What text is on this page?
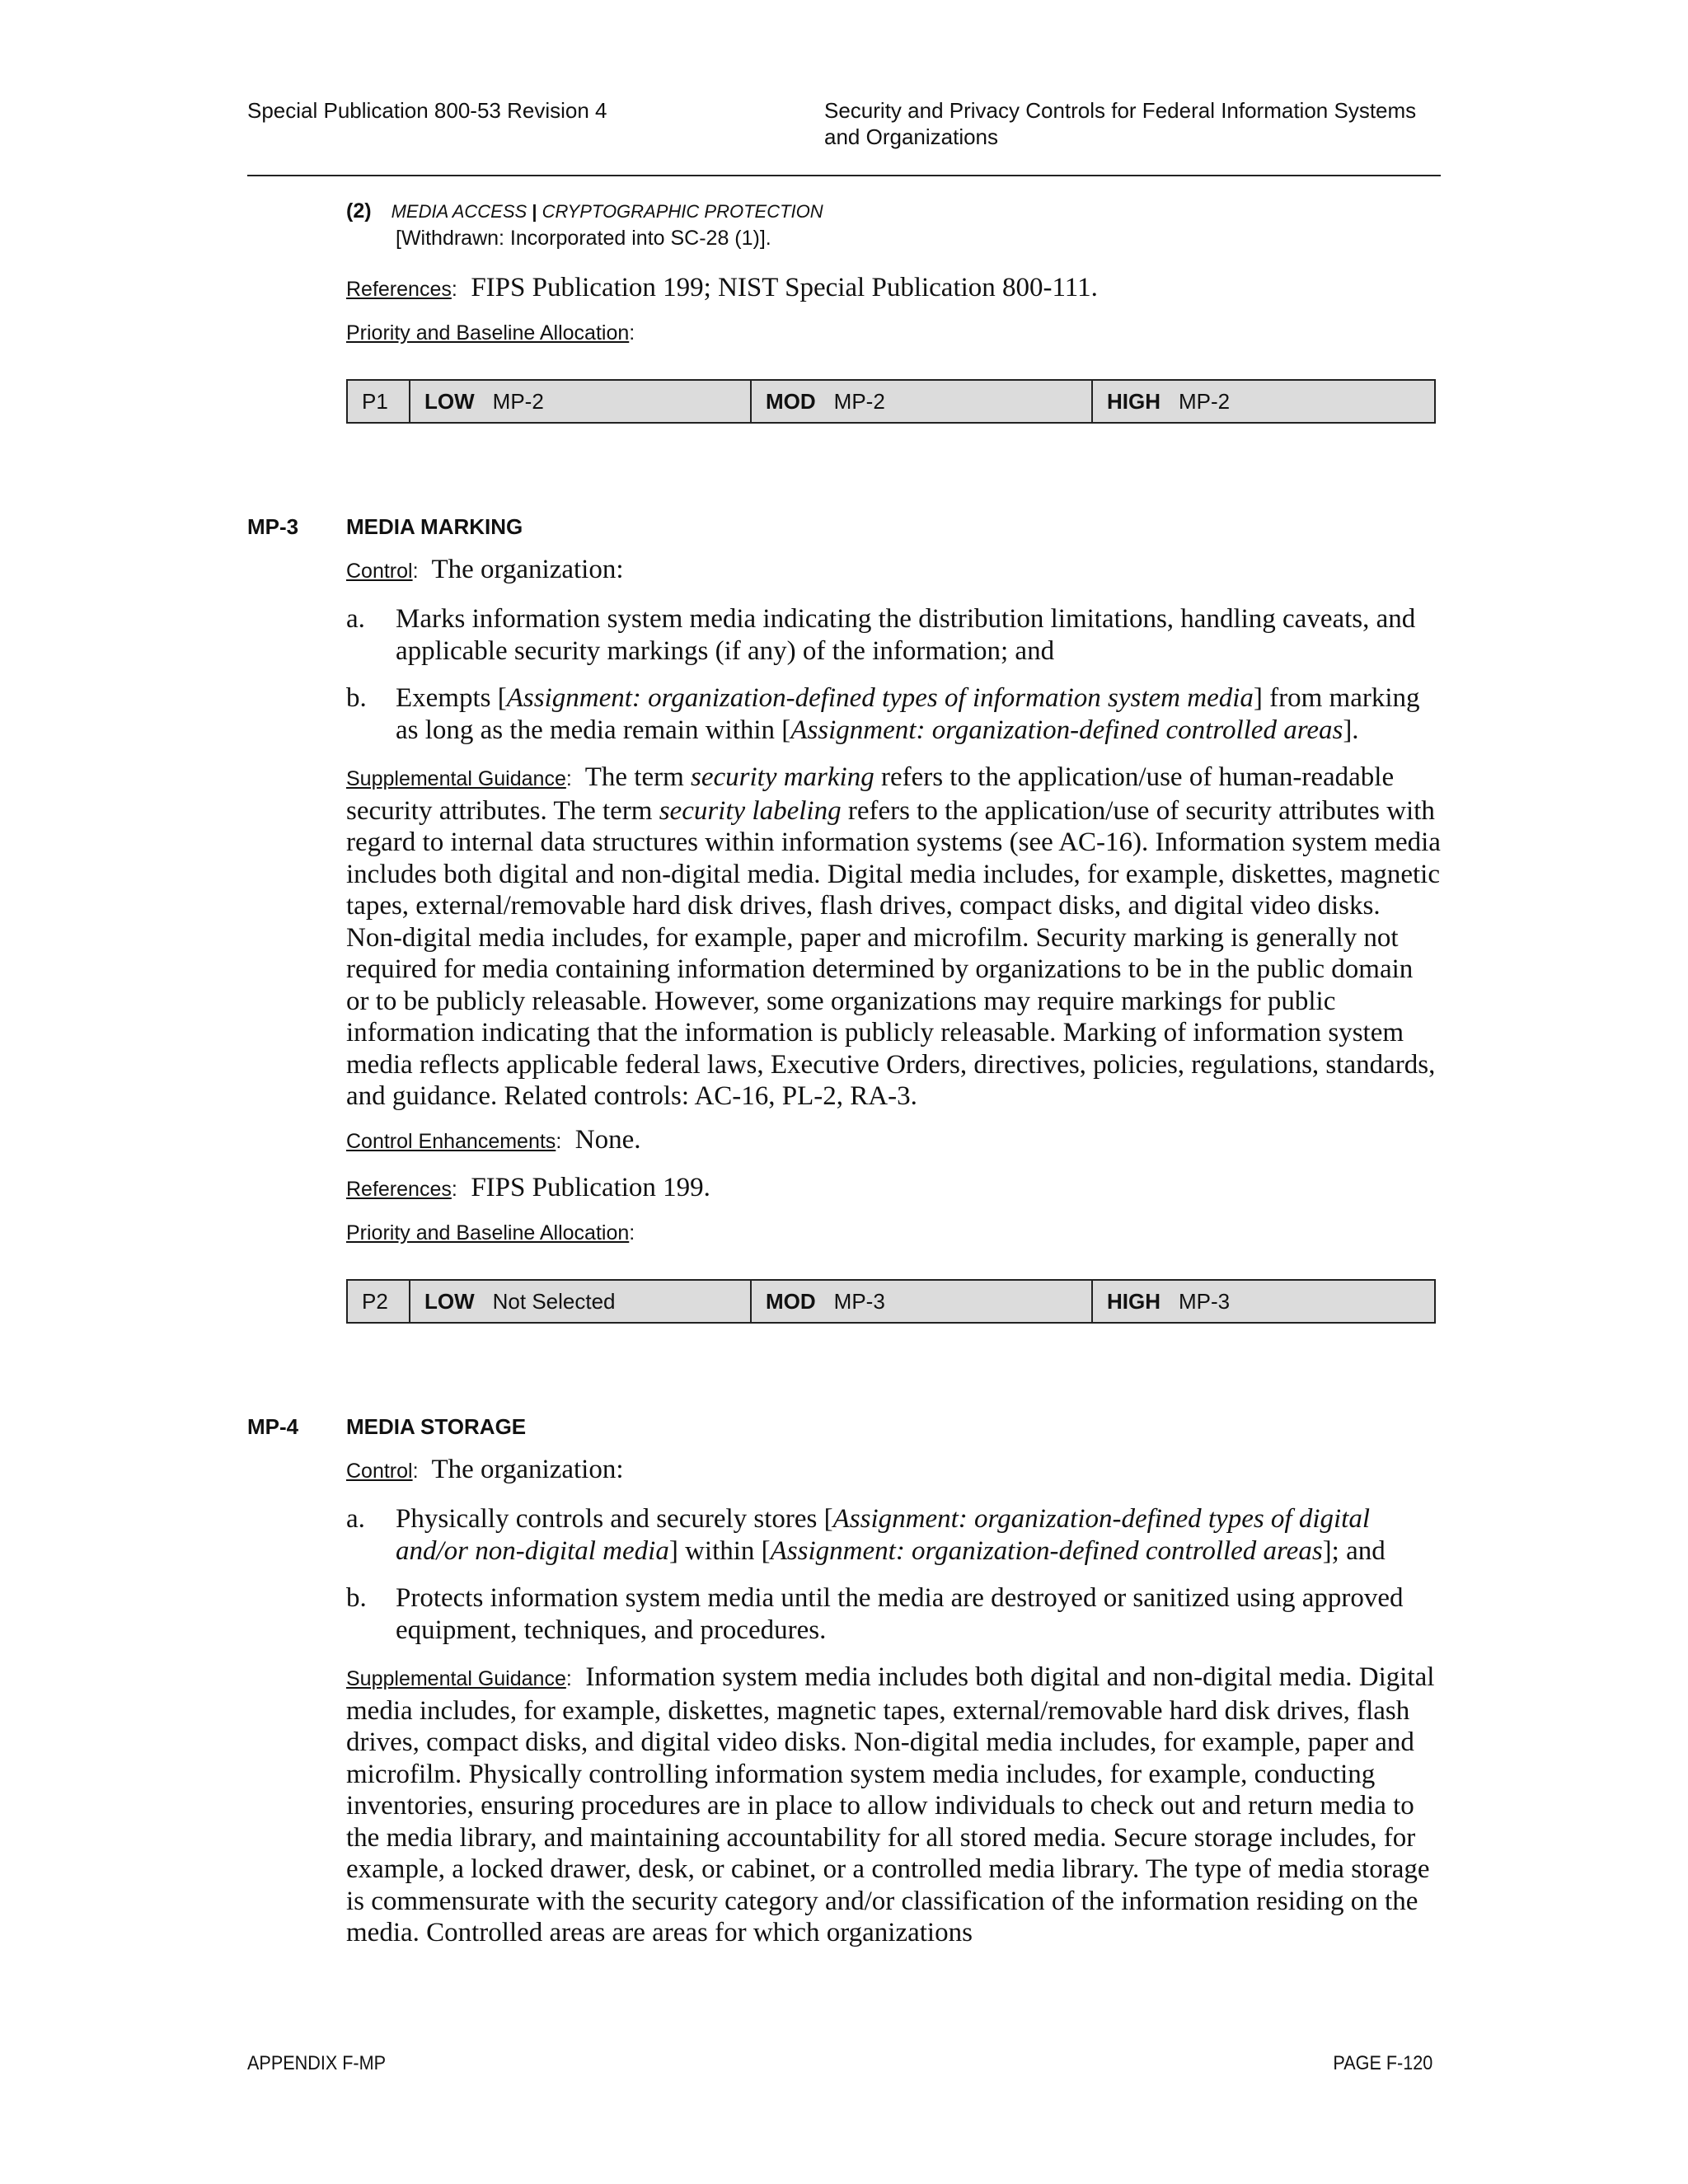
Special Publication 800-53 Revision 4	Security and Privacy Controls for Federal Information Systems
and Organizations
(2) MEDIA ACCESS | CRYPTOGRAPHIC PROTECTION
[Withdrawn: Incorporated into SC-28 (1)].
References: FIPS Publication 199; NIST Special Publication 800-111.
Priority and Baseline Allocation:
P1	LOW MP-2	MOD MP-2	HIGH MP-2
MP-3 MEDIA MARKING
Control: The organization:
a. Marks information system media indicating the distribution limitations, handling caveats, and applicable security markings (if any) of the information; and
b. Exempts [Assignment: organization-defined types of information system media] from marking as long as the media remain within [Assignment: organization-defined controlled areas].
Supplemental Guidance: The term security marking refers to the application/use of human-readable security attributes. The term security labeling refers to the application/use of security attributes with regard to internal data structures within information systems (see AC-16). Information system media includes both digital and non-digital media. Digital media includes, for example, diskettes, magnetic tapes, external/removable hard disk drives, flash drives, compact disks, and digital video disks. Non-digital media includes, for example, paper and microfilm. Security marking is generally not required for media containing information determined by organizations to be in the public domain or to be publicly releasable. However, some organizations may require markings for public information indicating that the information is publicly releasable. Marking of information system media reflects applicable federal laws, Executive Orders, directives, policies, regulations, standards, and guidance. Related controls: AC-16, PL-2, RA-3.
Control Enhancements: None.
References: FIPS Publication 199.
Priority and Baseline Allocation:
P2	LOW Not Selected	MOD MP-3	HIGH MP-3
MP-4 MEDIA STORAGE
Control: The organization:
a. Physically controls and securely stores [Assignment: organization-defined types of digital and/or non-digital media] within [Assignment: organization-defined controlled areas]; and
b. Protects information system media until the media are destroyed or sanitized using approved equipment, techniques, and procedures.
Supplemental Guidance: Information system media includes both digital and non-digital media. Digital media includes, for example, diskettes, magnetic tapes, external/removable hard disk drives, flash drives, compact disks, and digital video disks. Non-digital media includes, for example, paper and microfilm. Physically controlling information system media includes, for example, conducting inventories, ensuring procedures are in place to allow individuals to check out and return media to the media library, and maintaining accountability for all stored media. Secure storage includes, for example, a locked drawer, desk, or cabinet, or a controlled media library. The type of media storage is commensurate with the security category and/or classification of the information residing on the media. Controlled areas are areas for which organizations
APPENDIX F-MP	PAGE F-120
